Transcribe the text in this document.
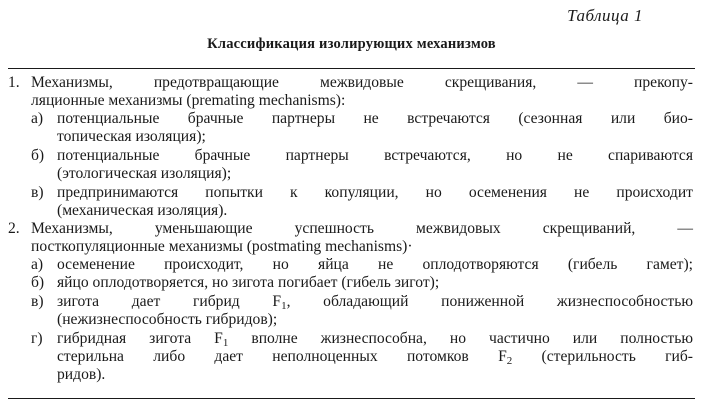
Таблица 1
Классификация изолирующих механизмов
1. Механизмы, предотвращающие межвидовые скрещивания, — прекопу-
ляционные механизмы (premating mechanisms):
а) потенциальные брачные партнеры не встречаются (сезонная или био-
топическая изоляция);
б) потенциальные брачные партнеры встречаются, но не спариваются
(этологическая изоляция);
в) предпринимаются попытки к копуляции, но осеменения не происходит
(механическая изоляция).
2. Механизмы, уменьшающие успешность межвидовых скрещиваний, —
посткопуляционные механизмы (postmating mechanisms)·
а) осеменение происходит, но яйца не оплодотворяются (гибель гамет);
б) яйцо оплодотворяется, но зигота погибает (гибель зигот);
в) зигота дает гибрид $F_1$, обладающий пониженной жизнеспособностью
(нежизнеспособность гибридов);
г) гибридная зигота $F_1$ вполне жизнеспособна, но частично или полностью
стерильна либо дает неполноценных потомков $F_2$ (стерильность гиб-
ридов).
